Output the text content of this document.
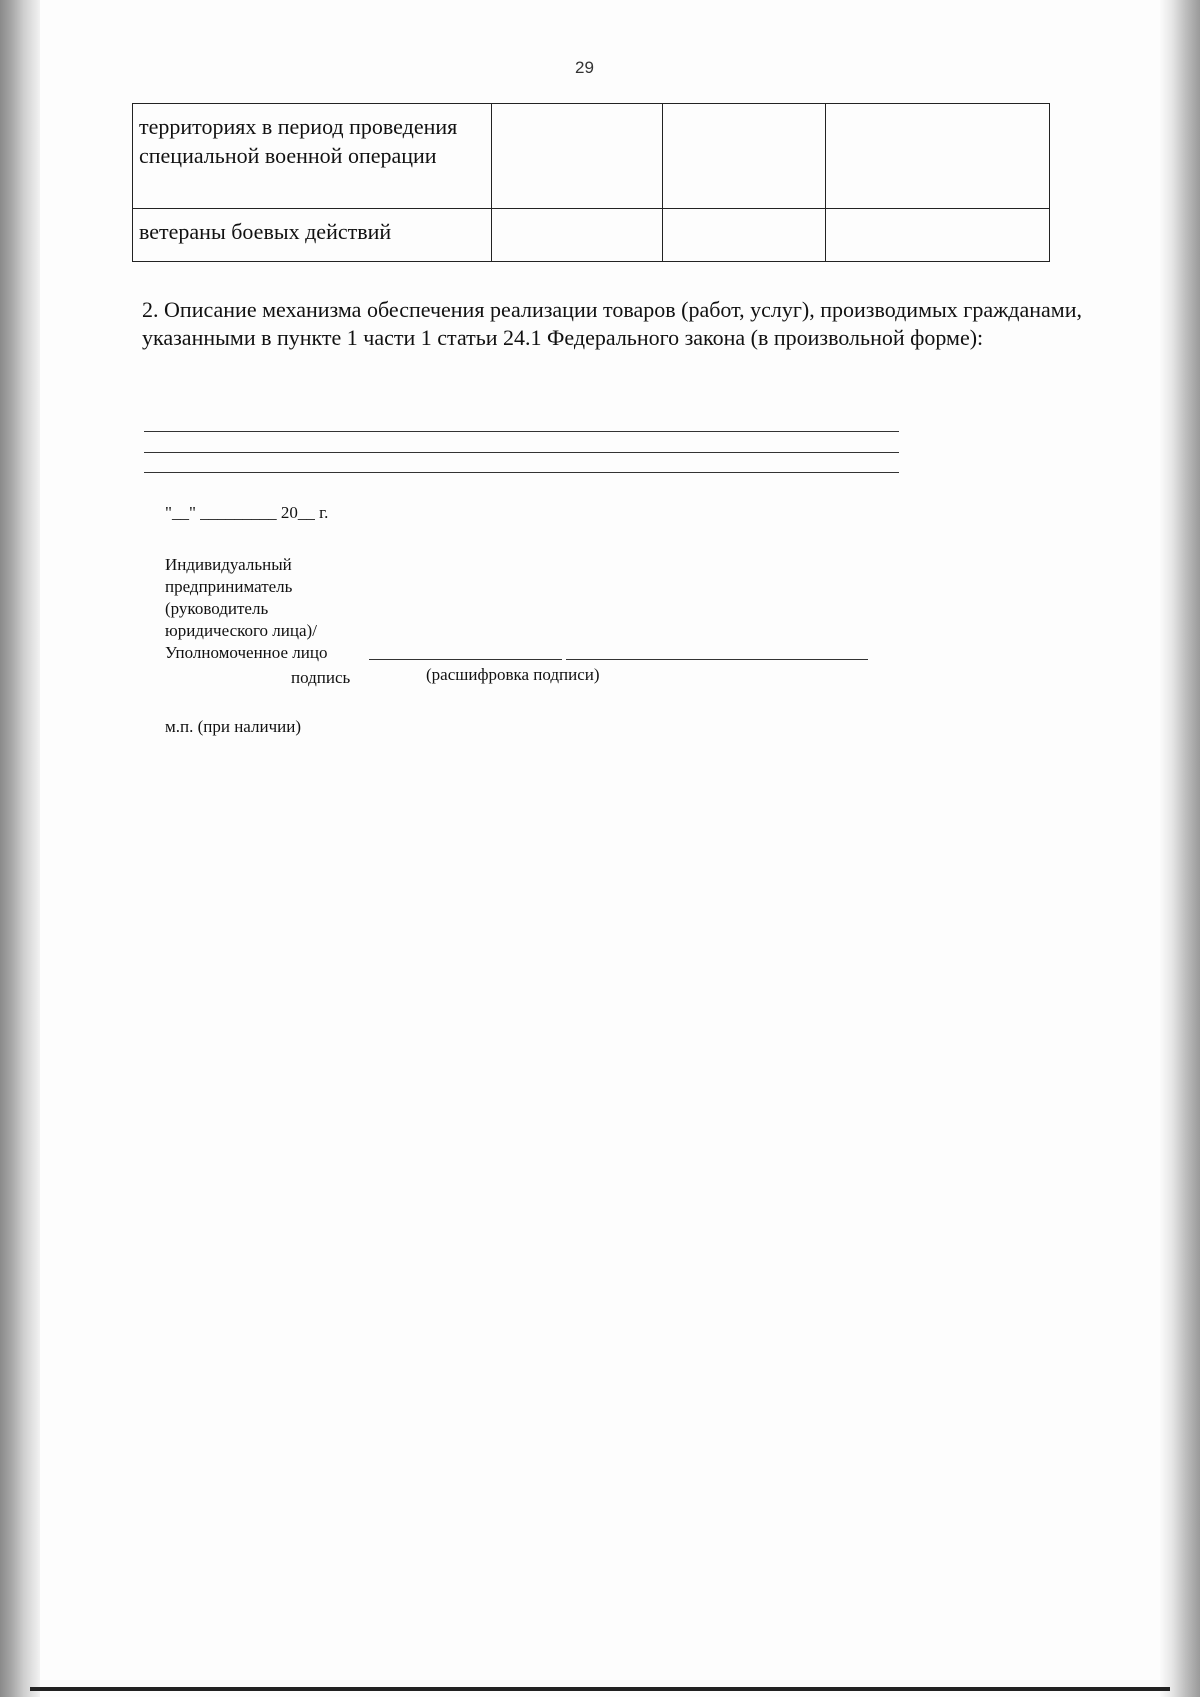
29
территориях в период проведения специальной военной операции			
ветераны боевых действий			
2. Описание механизма обеспечения реализации товаров (работ, услуг), производимых гражданами, указанными в пункте 1 части 1 статьи 24.1 Федерального закона (в произвольной форме):
"__" _________ 20__ г.
Индивидуальный
предприниматель
(руководитель
юридического лица)/
Уполномоченное лицо
подпись	(расшифровка подписи)
м.п. (при наличии)
